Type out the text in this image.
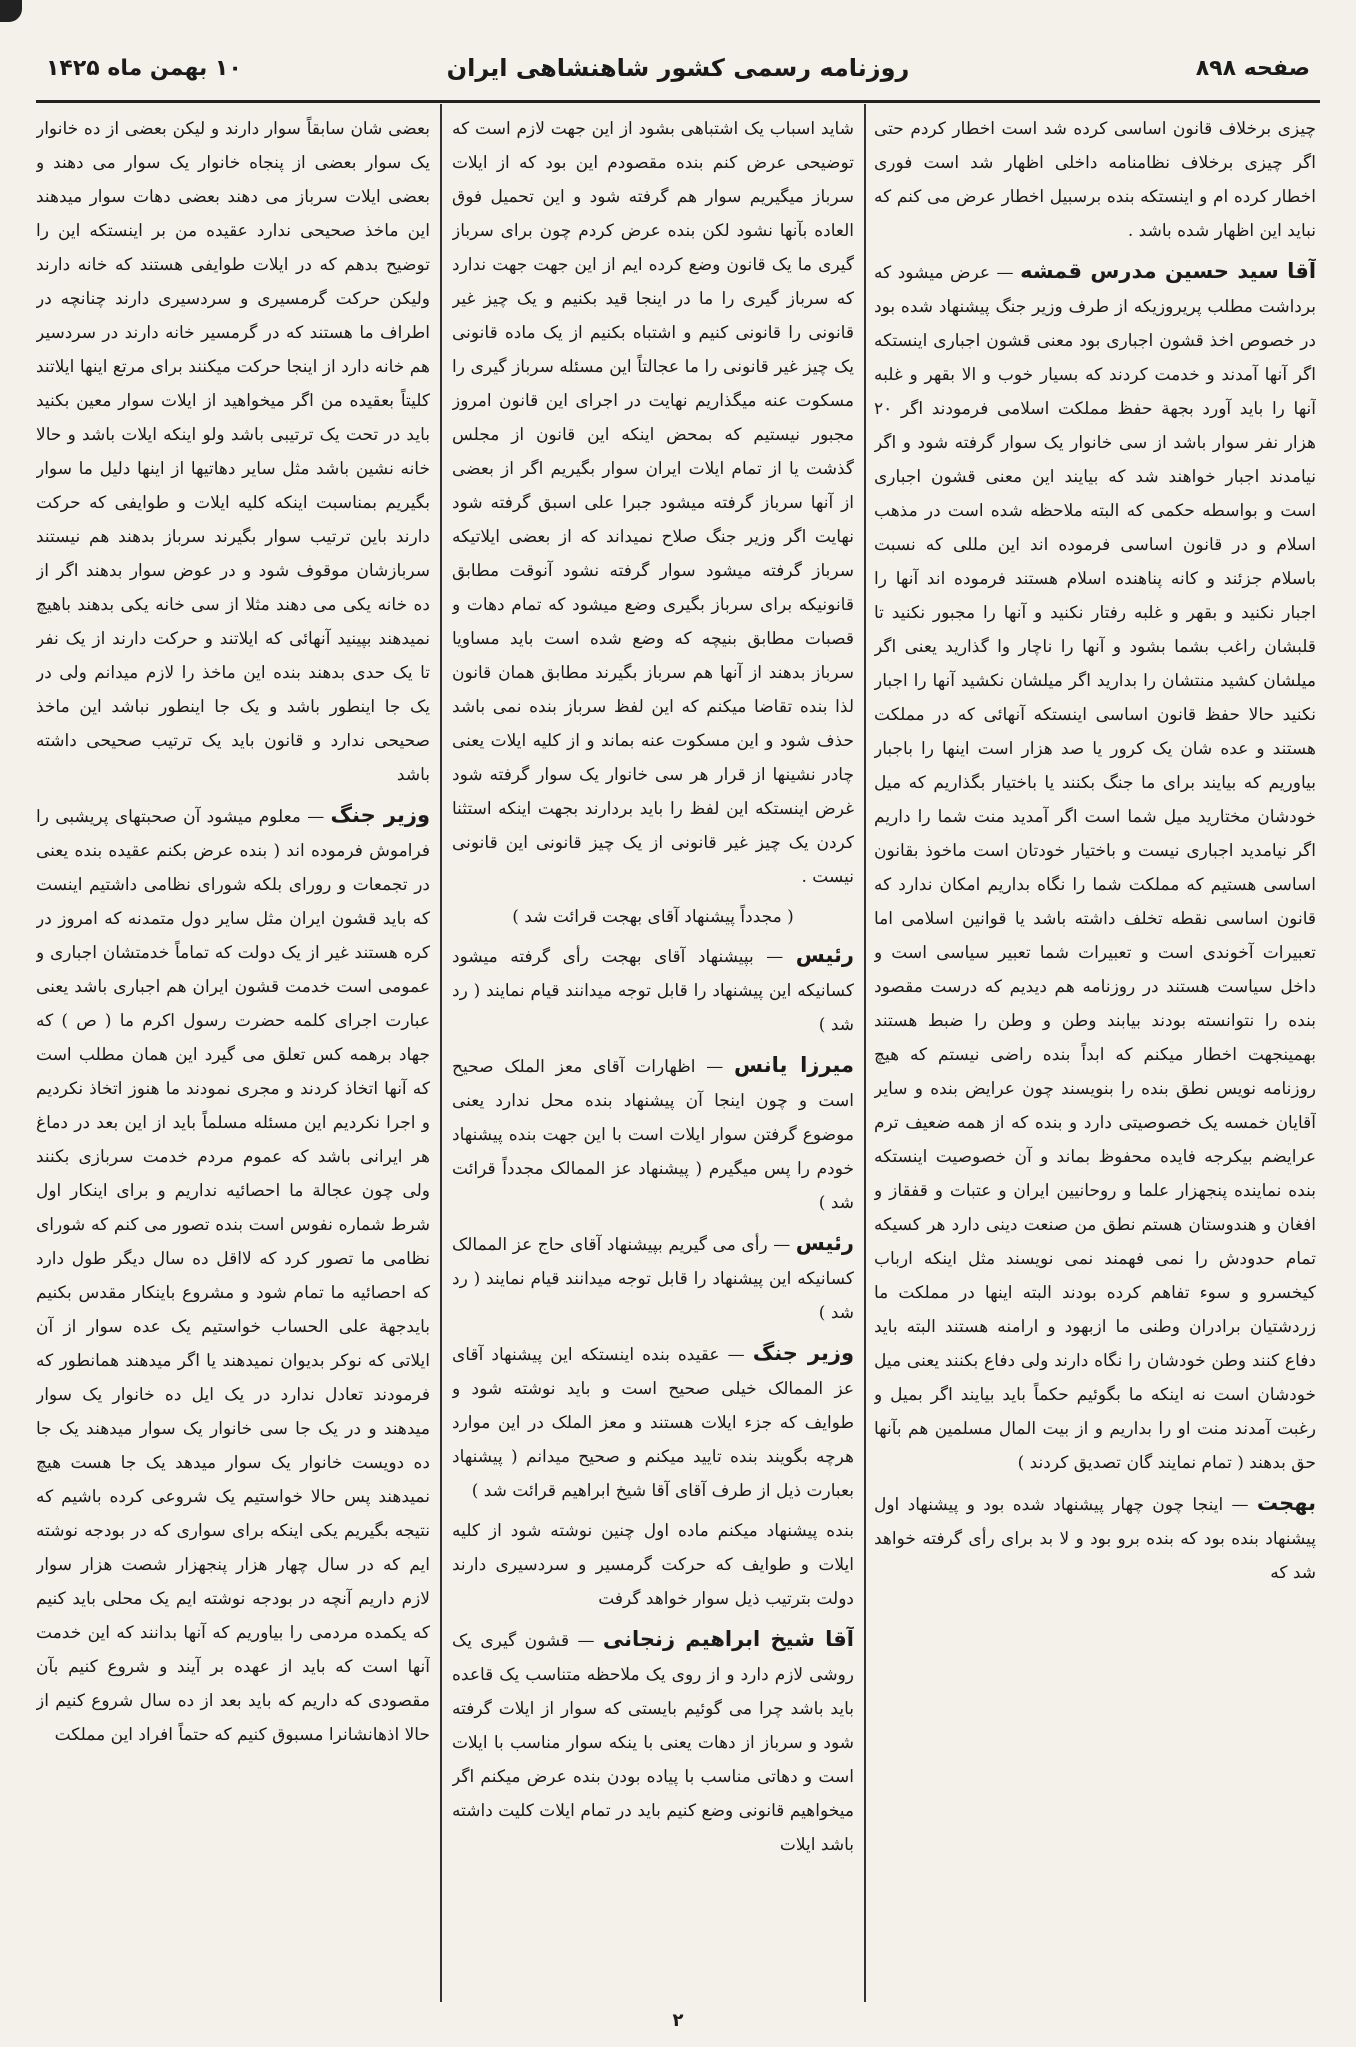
صفحه ۸۹۸
روزنامه رسمی کشور شاهنشاهی ایران
۱۰ بهمن ماه ۱۴۲۵

چیزی برخلاف قانون اساسی کرده شد است اخطار کردم حتی اگر چیزی برخلاف نظامنامه داخلی اظهار شد است فوری اخطار کرده ام و اینستکه بنده برسبیل اخطار عرض می کنم که نباید این اظهار شده باشد .

آقا سید حسین مدرس قمشه — عرض میشود که برداشت مطلب پریروزیکه از طرف وزیر جنگ پیشنهاد شده بود در خصوص اخذ قشون اجباری بود معنی قشون اجباری اینستکه اگر آنها آمدند و خدمت کردند که بسیار خوب و الا بقهر و غلبه آنها را باید آورد بجهة حفظ مملکت اسلامی فرمودند اگر ۲۰ هزار نفر سوار باشد از سی خانوار یک سوار گرفته شود و اگر نیامدند اجبار خواهند شد که بیایند این معنی قشون اجباری است و بواسطه حکمی که البته ملاحظه شده است در مذهب اسلام و در قانون اساسی فرموده اند این مللی که نسبت باسلام جزئند و کانه پناهنده اسلام هستند فرموده اند آنها را اجبار نکنید و بقهر و غلبه رفتار نکنید و آنها را مجبور نکنید تا قلبشان راغب بشما بشود و آنها را ناچار وا گذارید یعنی اگر میلشان کشید منتشان را بدارید اگر میلشان نکشید آنها را اجبار نکنید حالا حفظ قانون اساسی اینستکه آنهائی که در مملکت هستند و عده شان یک کرور یا صد هزار است اینها را باجبار بیاوریم که بیایند برای ما جنگ بکنند یا باختیار بگذاریم که میل خودشان مختارید میل شما است اگر آمدید منت شما را داریم اگر نیامدید اجباری نیست و باختیار خودتان است ماخوذ بقانون اساسی هستیم که مملکت شما را نگاه بداریم امکان ندارد که قانون اساسی نقطه تخلف داشته باشد یا قوانین اسلامی اما تعبیرات آخوندی است و تعبیرات شما تعبیر سیاسی است و داخل سیاست هستند در روزنامه هم دیدیم که درست مقصود بنده را نتوانسته بودند بیابند وطن و وطن را ضبط هستند بهمینجهت اخطار میکنم که ابداً بنده راضی نیستم که هیچ روزنامه نویس نطق بنده را بنویسند چون عرایض بنده و سایر آقایان خمسه یک خصوصیتی دارد و بنده که از همه ضعیف ترم عرایضم بیکرجه فایده محفوظ بماند و آن خصوصیت اینستکه بنده نماینده پنجهزار علما و روحانیین ایران و عتبات و قفقاز و افغان و هندوستان هستم نطق من صنعت دینی دارد هر کسیکه تمام حدودش را نمی فهمند نمی نویسند مثل اینکه ارباب کیخسرو و سوء تفاهم کرده بودند البته اینها در مملکت ما زردشتیان برادران وطنی ما ازبهود و ارامنه هستند البته باید دفاع کنند وطن خودشان را نگاه دارند ولی دفاع بکنند یعنی میل خودشان است نه اینکه ما بگوئیم حکماً باید بیایند اگر بمیل و رغبت آمدند منت او را بداریم و از بیت المال مسلمین هم بآنها حق بدهند ( تمام نمایند گان تصدیق کردند )

بهجت — اینجا چون چهار پیشنهاد شده بود و پیشنهاد اول پیشنهاد بنده بود که بنده برو بود و لا بد برای رأی گرفته خواهد شد که

شاید اسباب یک اشتباهی بشود از این جهت لازم است که توضیحی عرض کنم بنده مقصودم این بود که از ایلات سرباز میگیریم سوار هم گرفته شود و این تحمیل فوق العاده بآنها نشود لکن بنده عرض کردم چون برای سرباز گیری ما یک قانون وضع کرده ایم از این جهت جهت ندارد که سرباز گیری را ما در اینجا قید بکنیم و یک چیز غیر قانونی را قانونی کنیم و اشتباه بکنیم از یک ماده قانونی یک چیز غیر قانونی را ما عجالتاً این مسئله سرباز گیری را مسکوت عنه میگذاریم نهایت در اجرای این قانون امروز مجبور نیستیم که بمحض اینکه این قانون از مجلس گذشت یا از تمام ایلات ایران سوار بگیریم اگر از بعضی از آنها سرباز گرفته میشود جبرا علی اسبق گرفته شود نهایت اگر وزیر جنگ صلاح نمیداند که از بعضی ایلاتیکه سرباز گرفته میشود سوار گرفته نشود آنوقت مطابق قانونیکه برای سرباز بگیری وضع میشود که تمام دهات و قصبات مطابق بنیچه که وضع شده است باید مساویا سرباز بدهند از آنها هم سرباز بگیرند مطابق همان قانون لذا بنده تقاضا میکنم که این لفظ سرباز بنده نمی باشد حذف شود و این مسکوت عنه بماند و از کلیه ایلات یعنی چادر نشینها از قرار هر سی خانوار یک سوار گرفته شود غرض اینستکه این لفظ را باید بردارند بجهت اینکه استثنا کردن یک چیز غیر قانونی از یک چیز قانونی این قانونی نیست .

( مجدداً پیشنهاد آقای بهجت قرائت شد )

رئیس — بپیشنهاد آقای بهجت رأی گرفته میشود کسانیکه این پیشنهاد را قابل توجه میدانند قیام نمایند ( رد شد )

میرزا یانس — اظهارات آقای معز الملک صحیح است و چون اینجا آن پیشنهاد بنده محل ندارد یعنی موضوع گرفتن سوار ایلات است با این جهت بنده پیشنهاد خودم را پس میگیرم ( پیشنهاد عز الممالک مجدداً قرائت شد )

رئیس — رأی می گیریم بپیشنهاد آقای حاج عز الممالک کسانیکه این پیشنهاد را قابل توجه میدانند قیام نمایند ( رد شد )

وزیر جنگ — عقیده بنده اینستکه این پیشنهاد آقای عز الممالک خیلی صحیح است و باید نوشته شود و طوایف که جزء ایلات هستند و معز الملک در این موارد هرچه بگویند بنده تایید میکنم و صحیح میدانم ( پیشنهاد بعبارت ذیل از طرف آقای آقا شیخ ابراهیم قرائت شد )

بنده پیشنهاد میکنم ماده اول چنین نوشته شود از کلیه ایلات و طوایف که حرکت گرمسیر و سردسیری دارند دولت بترتیب ذیل سوار خواهد گرفت

آقا شیخ ابراهیم زنجانی — قشون گیری یک روشی لازم دارد و از روی یک ملاحظه متناسب یک قاعده باید باشد چرا می گوئیم بایستی که سوار از ایلات گرفته شود و سرباز از دهات یعنی با ینکه سوار مناسب با ایلات است و دهاتی مناسب با پیاده بودن بنده عرض میکنم اگر میخواهیم قانونی وضع کنیم باید در تمام ایلات کلیت داشته باشد ایلات

بعضی شان سابقاً سوار دارند و لیکن بعضی از ده خانوار یک سوار بعضی از پنجاه خانوار یک سوار می دهند و بعضی ایلات سرباز می دهند بعضی دهات سوار میدهند این ماخذ صحیحی ندارد عقیده من بر اینستکه این را توضیح بدهم که در ایلات طوایفی هستند که خانه دارند ولیکن حرکت گرمسیری و سردسیری دارند چنانچه در اطراف ما هستند که در گرمسیر خانه دارند در سردسیر هم خانه دارد از اینجا حرکت میکنند برای مرتع اینها ایلاتند کلیتاً بعقیده من اگر میخواهید از ایلات سوار معین بکنید باید در تحت یک ترتیبی باشد ولو اینکه ایلات باشد و حالا خانه نشین باشد مثل سایر دهاتیها از اینها دلیل ما سوار بگیریم بمناسبت اینکه کلیه ایلات و طوایفی که حرکت دارند باین ترتیب سوار بگیرند سرباز بدهند هم نیستند سربازشان موقوف شود و در عوض سوار بدهند اگر از ده خانه یکی می دهند مثلا از سی خانه یکی بدهند باهیچ نمیدهند بپینید آنهائی که ایلاتند و حرکت دارند از یک نفر تا یک حدی بدهند بنده این ماخذ را لازم میدانم ولی در یک جا اینطور باشد و یک جا اینطور نباشد این ماخذ صحیحی ندارد و قانون باید یک ترتیب صحیحی داشته باشد

وزیر جنگ — معلوم میشود آن صحبتهای پریشبی را فراموش فرموده اند ( بنده عرض بکنم عقیده بنده یعنی در تجمعات و رورای بلکه شورای نظامی داشتیم اینست که باید قشون ایران مثل سایر دول متمدنه که امروز در کره هستند غیر از یک دولت که تماماً خدمتشان اجباری و عمومی است خدمت قشون ایران هم اجباری باشد یعنی عبارت اجرای کلمه حضرت رسول اکرم ما ( ص ) که جهاد برهمه کس تعلق می گیرد این همان مطلب است که آنها اتخاذ کردند و مجری نمودند ما هنوز اتخاذ نکردیم و اجرا نکردیم این مسئله مسلماً باید از این بعد در دماغ هر ایرانی باشد که عموم مردم خدمت سربازی بکنند ولی چون عجالة ما احصائیه نداریم و برای اینکار اول شرط شماره نفوس است بنده تصور می کنم که شورای نظامی ما تصور کرد که لااقل ده سال دیگر طول دارد که احصائیه ما تمام شود و مشروع باینکار مقدس بکنیم بایدجهة علی الحساب خواستیم یک عده سوار از آن ایلاتی که نوکر بدیوان نمیدهند یا اگر میدهند همانطور که فرمودند تعادل ندارد در یک ایل ده خانوار یک سوار میدهند و در یک جا سی خانوار یک سوار میدهند یک جا ده دویست خانوار یک سوار میدهد یک جا هست هیچ نمیدهند پس حالا خواستیم یک شروعی کرده باشیم که نتیجه بگیریم یکی اینکه برای سواری که در بودجه نوشته ایم که در سال چهار هزار پنجهزار شصت هزار سوار لازم داریم آنچه در بودجه نوشته ایم یک محلی باید کنیم که یکمده مردمی را بیاوریم که آنها بدانند که این خدمت آنها است که باید از عهده بر آیند و شروع کنیم بآن مقصودی که داریم که باید بعد از ده سال شروع کنیم از حالا اذهانشانرا مسبوق کنیم که حتماً افراد این مملکت

۲
